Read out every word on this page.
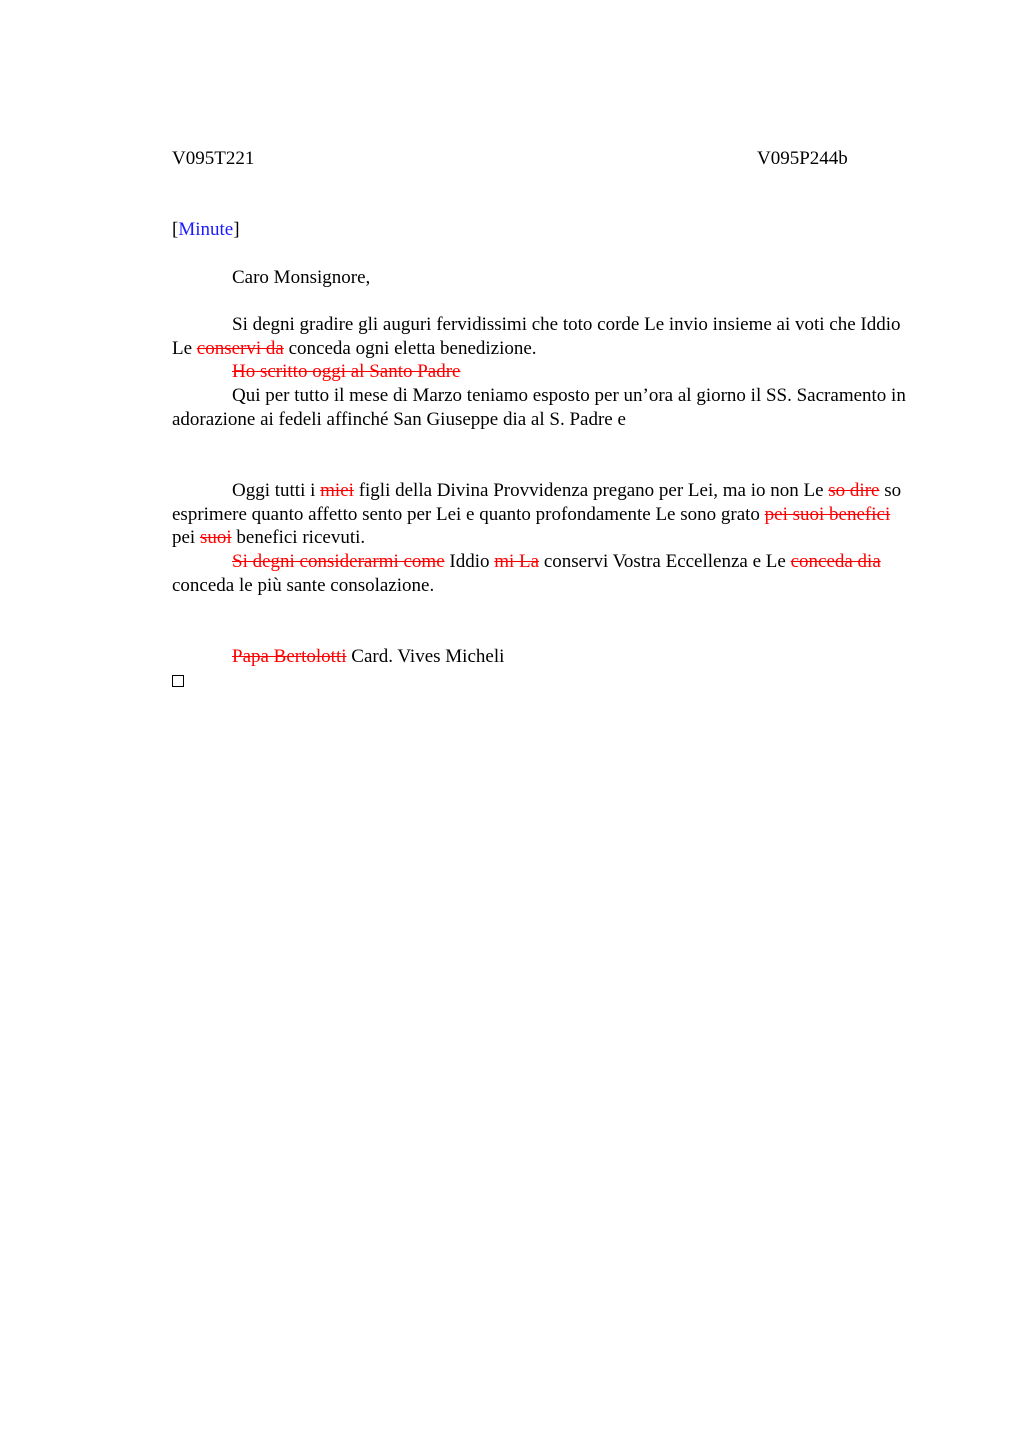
V095T221	V095P244b

[Minute]

Caro Monsignore,

Si degni gradire gli auguri fervidissimi che toto corde Le invio insieme ai voti che Iddio Le conservi da conceda ogni eletta benedizione.

Ho scritto oggi al Santo Padre

Qui per tutto il mese di Marzo teniamo esposto per un’ora al giorno il SS. Sacramento in adorazione ai fedeli affinché San Giuseppe dia al S. Padre e

Oggi tutti i miei figli della Divina Provvidenza pregano per Lei, ma io non Le so dire so esprimere quanto affetto sento per Lei e quanto profondamente Le sono grato pei suoi benefici pei suoi benefici ricevuti.

Si degni considerarmi come Iddio mi La conservi Vostra Eccellenza e Le conceda dia conceda le più sante consolazione.

Papa Bertolotti Card. Vives Micheli
